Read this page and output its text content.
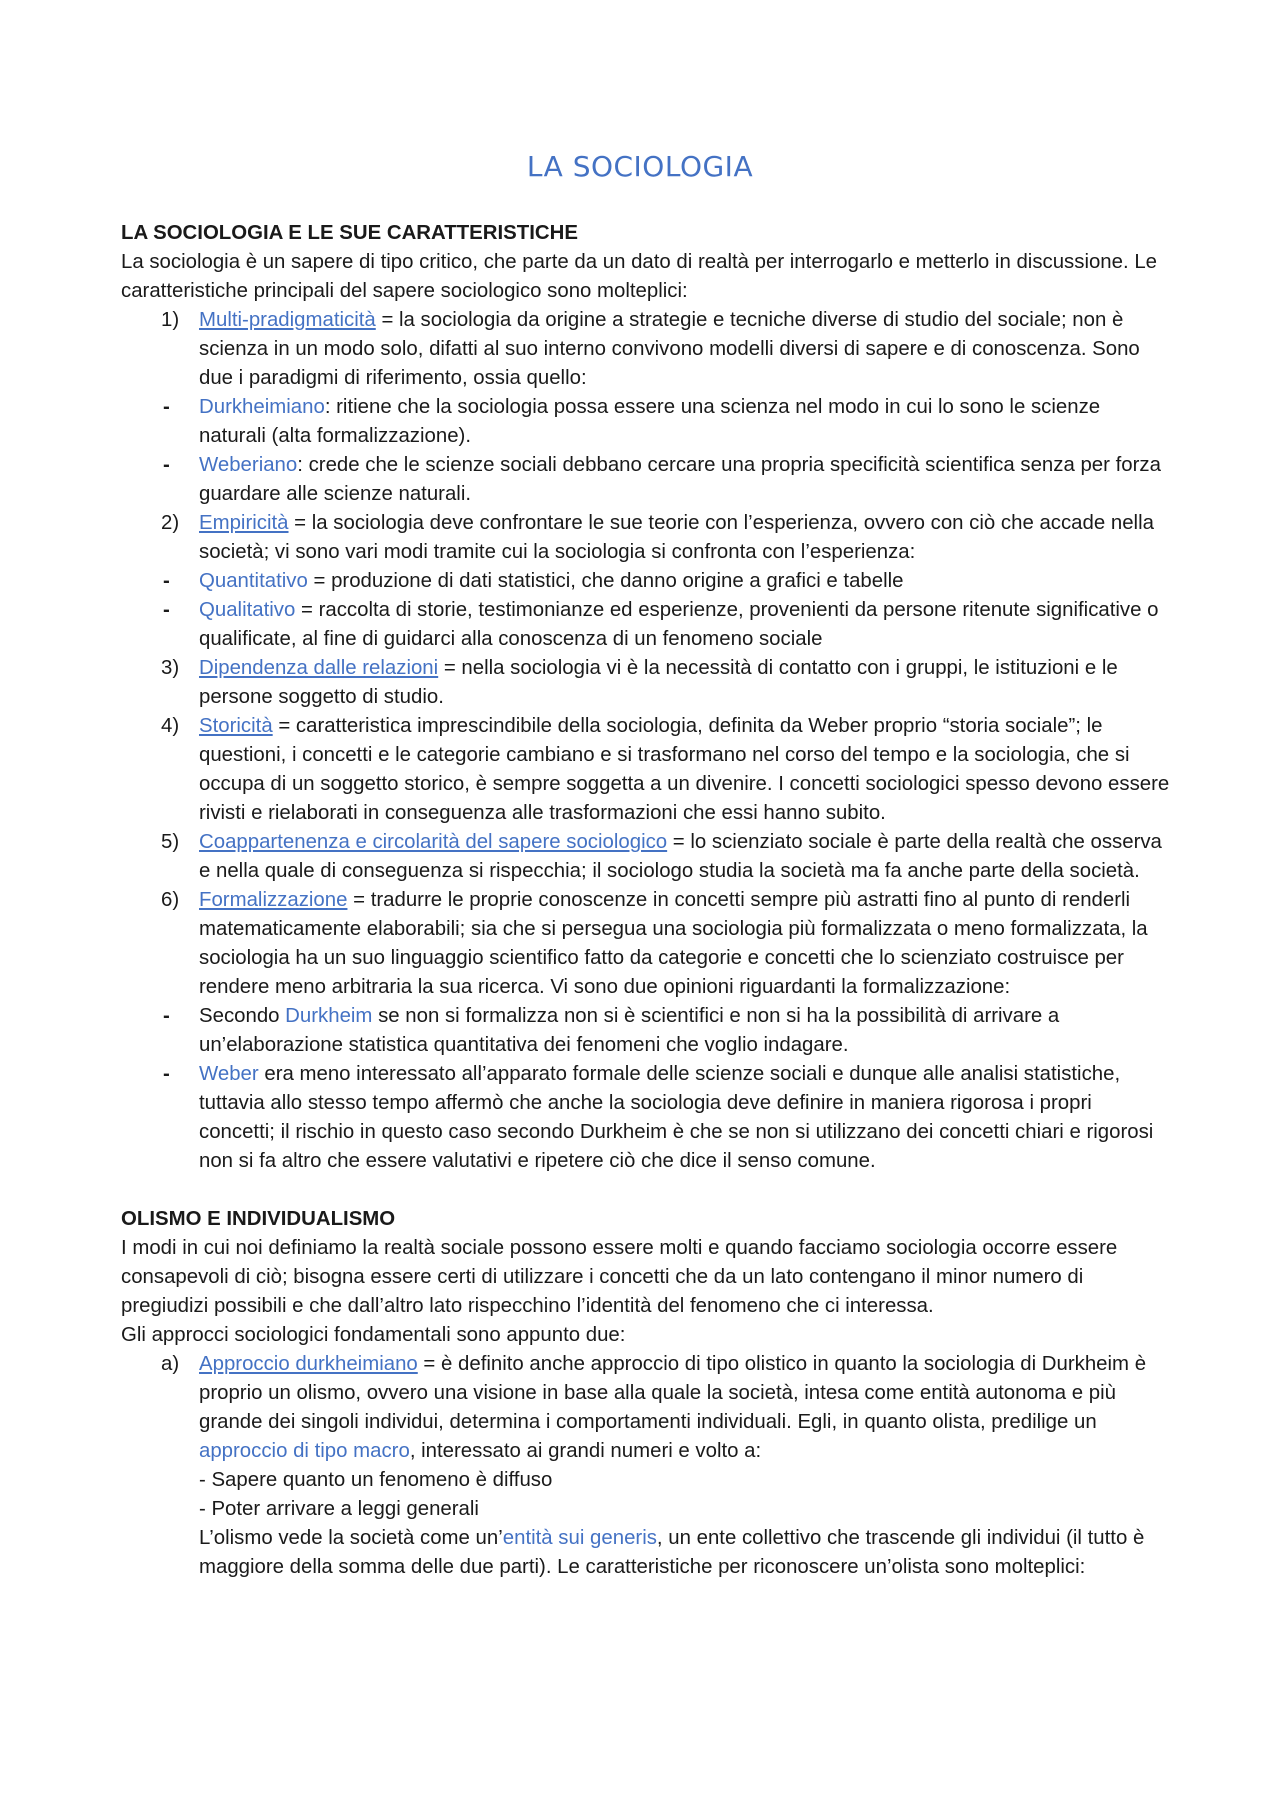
LA SOCIOLOGIA

LA SOCIOLOGIA E LE SUE CARATTERISTICHE

La sociologia è un sapere di tipo critico, che parte da un dato di realtà per interrogarlo e metterlo in discussione. Le caratteristiche principali del sapere sociologico sono molteplici:

1) Multi-pradigmaticità = la sociologia da origine a strategie e tecniche diverse di studio del sociale; non è scienza in un modo solo, difatti al suo interno convivono modelli diversi di sapere e di conoscenza. Sono due i paradigmi di riferimento, ossia quello:
- Durkheimiano: ritiene che la sociologia possa essere una scienza nel modo in cui lo sono le scienze naturali (alta formalizzazione).
- Weberiano: crede che le scienze sociali debbano cercare una propria specificità scientifica senza per forza guardare alle scienze naturali.
2) Empiricità = la sociologia deve confrontare le sue teorie con l’esperienza, ovvero con ciò che accade nella società; vi sono vari modi tramite cui la sociologia si confronta con l’esperienza:
- Quantitativo = produzione di dati statistici, che danno origine a grafici e tabelle
- Qualitativo = raccolta di storie, testimonianze ed esperienze, provenienti da persone ritenute significative o qualificate, al fine di guidarci alla conoscenza di un fenomeno sociale
3) Dipendenza dalle relazioni = nella sociologia vi è la necessità di contatto con i gruppi, le istituzioni e le persone soggetto di studio.
4) Storicità = caratteristica imprescindibile della sociologia, definita da Weber proprio “storia sociale”; le questioni, i concetti e le categorie cambiano e si trasformano nel corso del tempo e la sociologia, che si occupa di un soggetto storico, è sempre soggetta a un divenire. I concetti sociologici spesso devono essere rivisti e rielaborati in conseguenza alle trasformazioni che essi hanno subito.
5) Coappartenenza e circolarità del sapere sociologico = lo scienziato sociale è parte della realtà che osserva e nella quale di conseguenza si rispecchia; il sociologo studia la società ma fa anche parte della società.
6) Formalizzazione = tradurre le proprie conoscenze in concetti sempre più astratti fino al punto di renderli matematicamente elaborabili; sia che si persegua una sociologia più formalizzata o meno formalizzata, la sociologia ha un suo linguaggio scientifico fatto da categorie e concetti che lo scienziato costruisce per rendere meno arbitraria la sua ricerca. Vi sono due opinioni riguardanti la formalizzazione:
- Secondo Durkheim se non si formalizza non si è scientifici e non si ha la possibilità di arrivare a un’elaborazione statistica quantitativa dei fenomeni che voglio indagare.
- Weber era meno interessato all’apparato formale delle scienze sociali e dunque alle analisi statistiche, tuttavia allo stesso tempo affermò che anche la sociologia deve definire in maniera rigorosa i propri concetti; il rischio in questo caso secondo Durkheim è che se non si utilizzano dei concetti chiari e rigorosi non si fa altro che essere valutativi e ripetere ciò che dice il senso comune.

OLISMO E INDIVIDUALISMO

I modi in cui noi definiamo la realtà sociale possono essere molti e quando facciamo sociologia occorre essere consapevoli di ciò; bisogna essere certi di utilizzare i concetti che da un lato contengano il minor numero di pregiudizi possibili e che dall’altro lato rispecchino l’identità del fenomeno che ci interessa.

Gli approcci sociologici fondamentali sono appunto due:

a) Approccio durkheimiano = è definito anche approccio di tipo olistico in quanto la sociologia di Durkheim è proprio un olismo, ovvero una visione in base alla quale la società, intesa come entità autonoma e più grande dei singoli individui, determina i comportamenti individuali. Egli, in quanto olista, predilige un approccio di tipo macro, interessato ai grandi numeri e volto a:
- Sapere quanto un fenomeno è diffuso
- Poter arrivare a leggi generali
L’olismo vede la società come un’entità sui generis, un ente collettivo che trascende gli individui (il tutto è maggiore della somma delle due parti). Le caratteristiche per riconoscere un’olista sono molteplici:
